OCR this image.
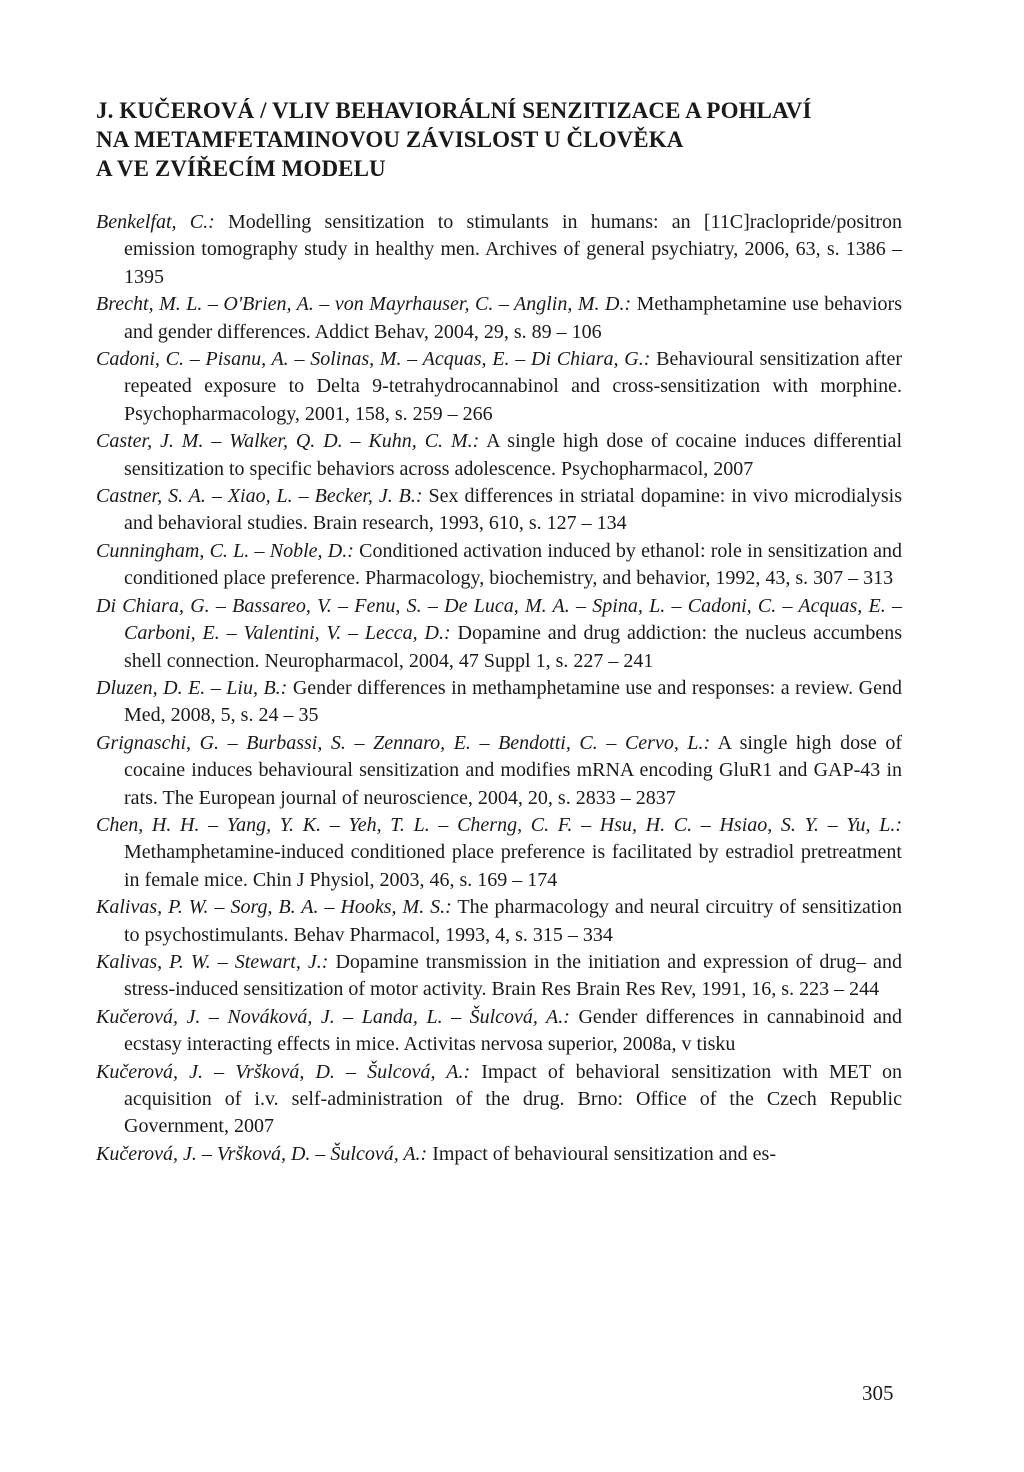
J. KUČEROVÁ / VLIV BEHAVIORÁLNÍ SENZITIZACE A POHLAVÍ
NA METAMFETAMINOVOU ZÁVISLOST U ČLOVĚKA
A VE ZVÍŘECÍM MODELU

Benkelfat, C.: Modelling sensitization to stimulants in humans: an [11C]raclopride/positron emission tomography study in healthy men. Archives of general psychiatry, 2006, 63, s. 1386 – 1395

Brecht, M. L. – O'Brien, A. – von Mayrhauser, C. – Anglin, M. D.: Methamphetamine use behaviors and gender differences. Addict Behav, 2004, 29, s. 89 – 106

Cadoni, C. – Pisanu, A. – Solinas, M. – Acquas, E. – Di Chiara, G.: Behavioural sensitization after repeated exposure to Delta 9-tetrahydrocannabinol and cross-sensitization with morphine. Psychopharmacology, 2001, 158, s. 259 – 266

Caster, J. M. – Walker, Q. D. – Kuhn, C. M.: A single high dose of cocaine induces differential sensitization to specific behaviors across adolescence. Psychopharmacol, 2007

Castner, S. A. – Xiao, L. – Becker, J. B.: Sex differences in striatal dopamine: in vivo microdialysis and behavioral studies. Brain research, 1993, 610, s. 127 – 134

Cunningham, C. L. – Noble, D.: Conditioned activation induced by ethanol: role in sensitization and conditioned place preference. Pharmacology, biochemistry, and behavior, 1992, 43, s. 307 – 313

Di Chiara, G. – Bassareo, V. – Fenu, S. – De Luca, M. A. – Spina, L. – Cadoni, C. – Acquas, E. – Carboni, E. – Valentini, V. – Lecca, D.: Dopamine and drug addiction: the nucleus accumbens shell connection. Neuropharmacol, 2004, 47 Suppl 1, s. 227 – 241

Dluzen, D. E. – Liu, B.: Gender differences in methamphetamine use and responses: a review. Gend Med, 2008, 5, s. 24 – 35

Grignaschi, G. – Burbassi, S. – Zennaro, E. – Bendotti, C. – Cervo, L.: A single high dose of cocaine induces behavioural sensitization and modifies mRNA encoding GluR1 and GAP-43 in rats. The European journal of neuroscience, 2004, 20, s. 2833 – 2837

Chen, H. H. – Yang, Y. K. – Yeh, T. L. – Cherng, C. F. – Hsu, H. C. – Hsiao, S. Y. – Yu, L.: Methamphetamine-induced conditioned place preference is facilitated by estradiol pretreatment in female mice. Chin J Physiol, 2003, 46, s. 169 – 174

Kalivas, P. W. – Sorg, B. A. – Hooks, M. S.: The pharmacology and neural circuitry of sensitization to psychostimulants. Behav Pharmacol, 1993, 4, s. 315 – 334

Kalivas, P. W. – Stewart, J.: Dopamine transmission in the initiation and expression of drug– and stress-induced sensitization of motor activity. Brain Res Brain Res Rev, 1991, 16, s. 223 – 244

Kučerová, J. – Nováková, J. – Landa, L. – Šulcová, A.: Gender differences in cannabinoid and ecstasy interacting effects in mice. Activitas nervosa superior, 2008a, v tisku

Kučerová, J. – Vršková, D. – Šulcová, A.: Impact of behavioral sensitization with MET on acquisition of i.v. self-administration of the drug. Brno: Office of the Czech Republic Government, 2007

Kučerová, J. – Vršková, D. – Šulcová, A.: Impact of behavioural sensitization and es-

305
